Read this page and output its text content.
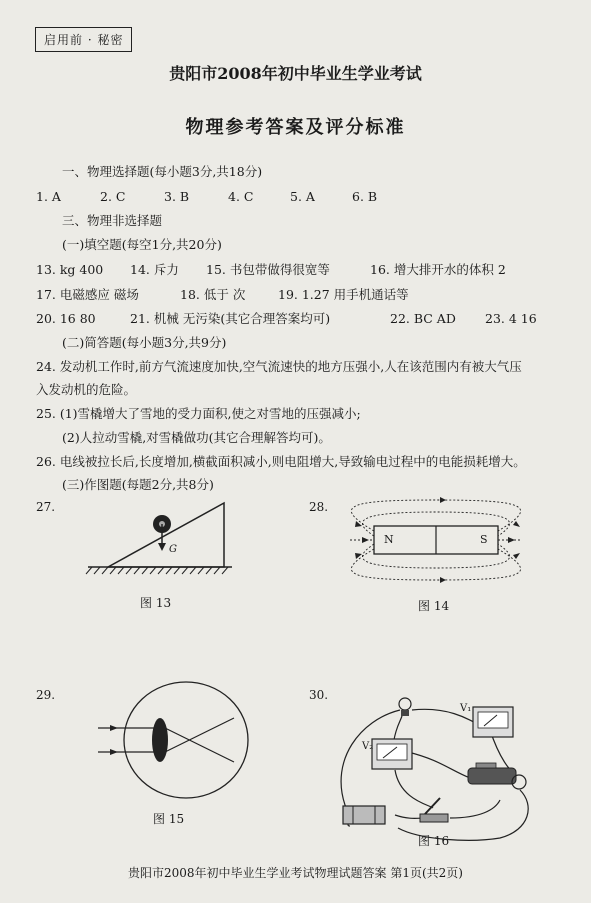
启用前 · 秘密
贵阳市2008年初中毕业生学业考试
物理参考答案及评分标准
一、物理选择题(每小题3分,共18分)
1. A	2. C	3. B	4. C	5. A	6. B
三、物理非选择题
(一)填空题(每空1分,共20分)
13. kg 400 14. 斥力 15. 书包带做得很宽等	16. 增大排开水的体积 2
17. 电磁感应 磁场	18. 低于 次	19. 1.27 用手机通话等
20. 16 80	21. 机械 无污染(其它合理答案均可)	22. BC AD 23. 4 16
(二)简答题(每小题3分,共9分)
24. 发动机工作时,前方气流速度加快,空气流速快的地方压强小,人在该范围内有被大气压
入发动机的危险。
25. (1)雪橇增大了雪地的受力面积,使之对雪地的压强减小;
(2)人拉动雪橇,对雪橇做功(其它合理解答均可)。
26. 电线被拉长后,长度增加,横截面积减小,则电阻增大,导致输电过程中的电能损耗增大。
(三)作图题(每题2分,共8分)
27.
G
图 13
28.
N	S
图 14
29.
图 15
30.
V₁
V₂
图 16
贵阳市2008年初中毕业生学业考试物理试题答案 第1页(共2页)
